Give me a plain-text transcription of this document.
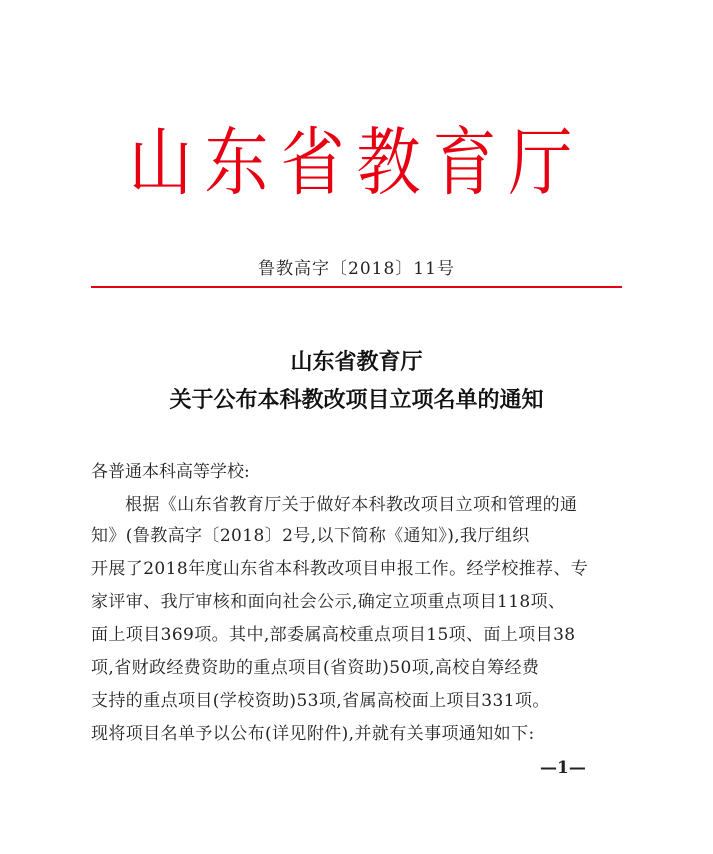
山东省教育厅
鲁教高字〔2018〕11号
山东省教育厅
关于公布本科教改项目立项名单的通知
各普通本科高等学校:
根据《山东省教育厅关于做好本科教改项目立项和管理的通
知》(鲁教高字〔2018〕2号,以下简称《通知》),我厅组织
开展了2018年度山东省本科教改项目申报工作。经学校推荐、专
家评审、我厅审核和面向社会公示,确定立项重点项目118项、
面上项目369项。其中,部委属高校重点项目15项、面上项目38
项,省财政经费资助的重点项目(省资助)50项,高校自筹经费
支持的重点项目(学校资助)53项,省属高校面上项目331项。
现将项目名单予以公布(详见附件),并就有关事项通知如下:
—1—
